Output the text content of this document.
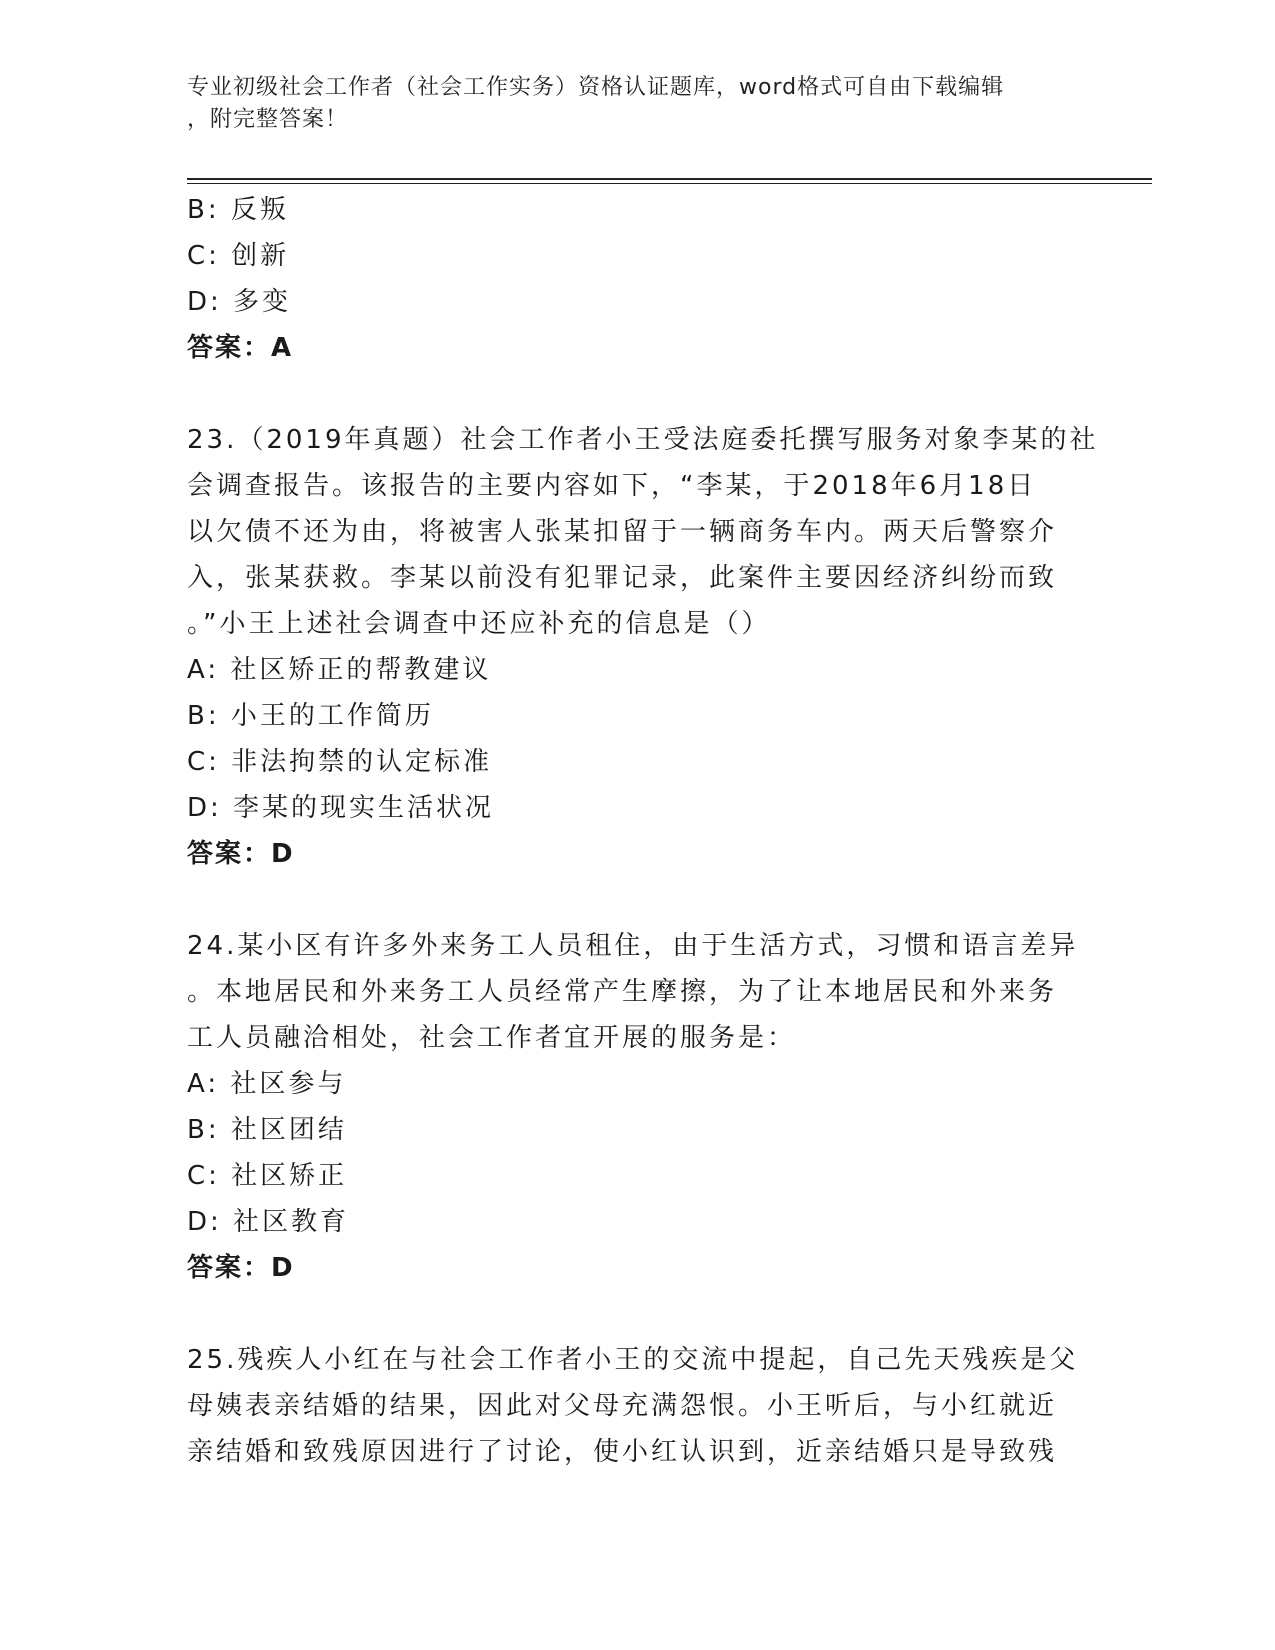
专业初级社会工作者（社会工作实务）资格认证题库，word格式可自由下载编辑
，附完整答案！
B: 反叛
C: 创新
D: 多变
答案：A
23.（2019年真题）社会工作者小王受法庭委托撰写服务对象李某的社
会调查报告。该报告的主要内容如下，“李某，于2018年6月18日
以欠债不还为由，将被害人张某扣留于一辆商务车内。两天后警察介
入，张某获救。李某以前没有犯罪记录，此案件主要因经济纠纷而致
。”小王上述社会调查中还应补充的信息是（）
A: 社区矫正的帮教建议
B: 小王的工作简历
C: 非法拘禁的认定标准
D: 李某的现实生活状况
答案：D
24.某小区有许多外来务工人员租住，由于生活方式，习惯和语言差异
。本地居民和外来务工人员经常产生摩擦，为了让本地居民和外来务
工人员融洽相处，社会工作者宜开展的服务是：
A: 社区参与
B: 社区团结
C: 社区矫正
D: 社区教育
答案：D
25.残疾人小红在与社会工作者小王的交流中提起，自己先天残疾是父
母姨表亲结婚的结果，因此对父母充满怨恨。小王听后，与小红就近
亲结婚和致残原因进行了讨论，使小红认识到，近亲结婚只是导致残
